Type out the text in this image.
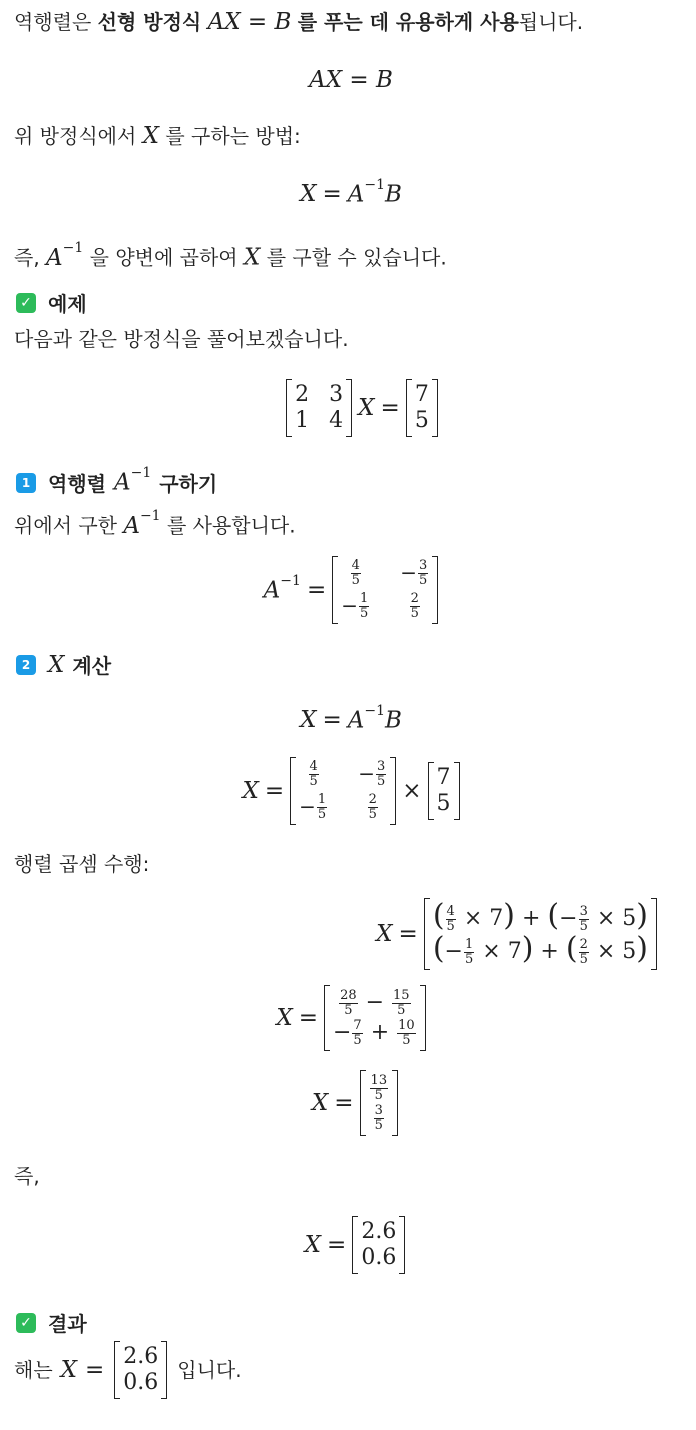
역행렬은 선형 방정식 AX = B 를 푸는 데 유용하게 사용됩니다.
AX = B
위 방정식에서 X 를 구하는 방법:
$X = A^{-1}B$
즉, $A^{-1}$ 을 양변에 곱하여 X 를 구할 수 있습니다.
✓ 예제
다음과 같은 방정식을 풀어보겠습니다.
2 3
1 4 X =
7
5
1 역행렬 $A^{-1}$ 구하기
위에서 구한 $A^{-1}$ 를 사용합니다.
$A^{-1}$ =
$\frac{4}{5} - \frac{3}{5}$
− $\frac{1}{5}$	$\frac{2}{5}$
2 X 계산
$X = A^{-1}B$
X =
$\frac{4}{5} - \frac{3}{5}$
− $\frac{1}{5}$	$\frac{2}{5}$
×
7
5
행렬 곱셈 수행:
X =
( $\frac{4}{5} \times 7$) + (− $\frac{3}{5} \times 5$)
(− $\frac{1}{5} \times 7$) + ( $\frac{2}{5} \times 5$)
X =
$\frac{28}{5} - \frac{15}{5}$
− $\frac{7}{5} + \frac{10}{5}$
X =
$\frac{13}{5}$
$\frac{3}{5}$
즉,
X =
2.6
0.6
✓ 결과
해는 X =
2.6
0.6 입니다.
